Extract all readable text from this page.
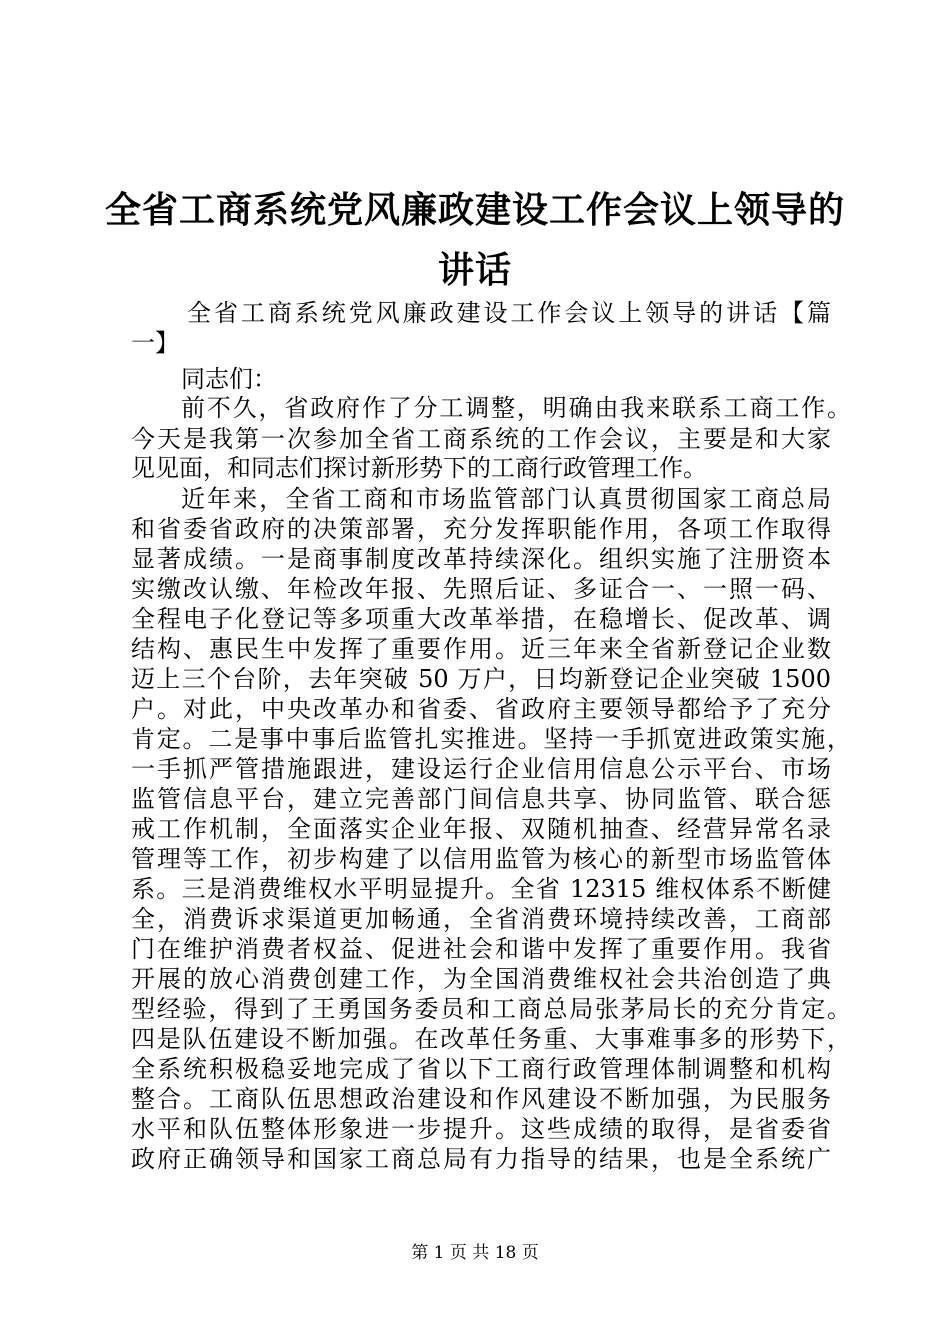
全省工商系统党风廉政建设工作会议上领导的
讲话
全省工商系统党风廉政建设工作会议上领导的讲话【篇
一】
同志们：
前不久，省政府作了分工调整，明确由我来联系工商工作。
今天是我第一次参加全省工商系统的工作会议，主要是和大家
见见面，和同志们探讨新形势下的工商行政管理工作。
近年来，全省工商和市场监管部门认真贯彻国家工商总局
和省委省政府的决策部署，充分发挥职能作用，各项工作取得
显著成绩。一是商事制度改革持续深化。组织实施了注册资本
实缴改认缴、年检改年报、先照后证、多证合一、一照一码、
全程电子化登记等多项重大改革举措，在稳增长、促改革、调
结构、惠民生中发挥了重要作用。近三年来全省新登记企业数
迈上三个台阶，去年突破 50 万户，日均新登记企业突破 1500
户。对此，中央改革办和省委、省政府主要领导都给予了充分
肯定。二是事中事后监管扎实推进。坚持一手抓宽进政策实施，
一手抓严管措施跟进，建设运行企业信用信息公示平台、市场
监管信息平台，建立完善部门间信息共享、协同监管、联合惩
戒工作机制，全面落实企业年报、双随机抽查、经营异常名录
管理等工作，初步构建了以信用监管为核心的新型市场监管体
系。三是消费维权水平明显提升。全省 12315 维权体系不断健
全，消费诉求渠道更加畅通，全省消费环境持续改善，工商部
门在维护消费者权益、促进社会和谐中发挥了重要作用。我省
开展的放心消费创建工作，为全国消费维权社会共治创造了典
型经验，得到了王勇国务委员和工商总局张茅局长的充分肯定。
四是队伍建设不断加强。在改革任务重、大事难事多的形势下，
全系统积极稳妥地完成了省以下工商行政管理体制调整和机构
整合。工商队伍思想政治建设和作风建设不断加强，为民服务
水平和队伍整体形象进一步提升。这些成绩的取得，是省委省
政府正确领导和国家工商总局有力指导的结果，也是全系统广
第 1 页 共 18 页
